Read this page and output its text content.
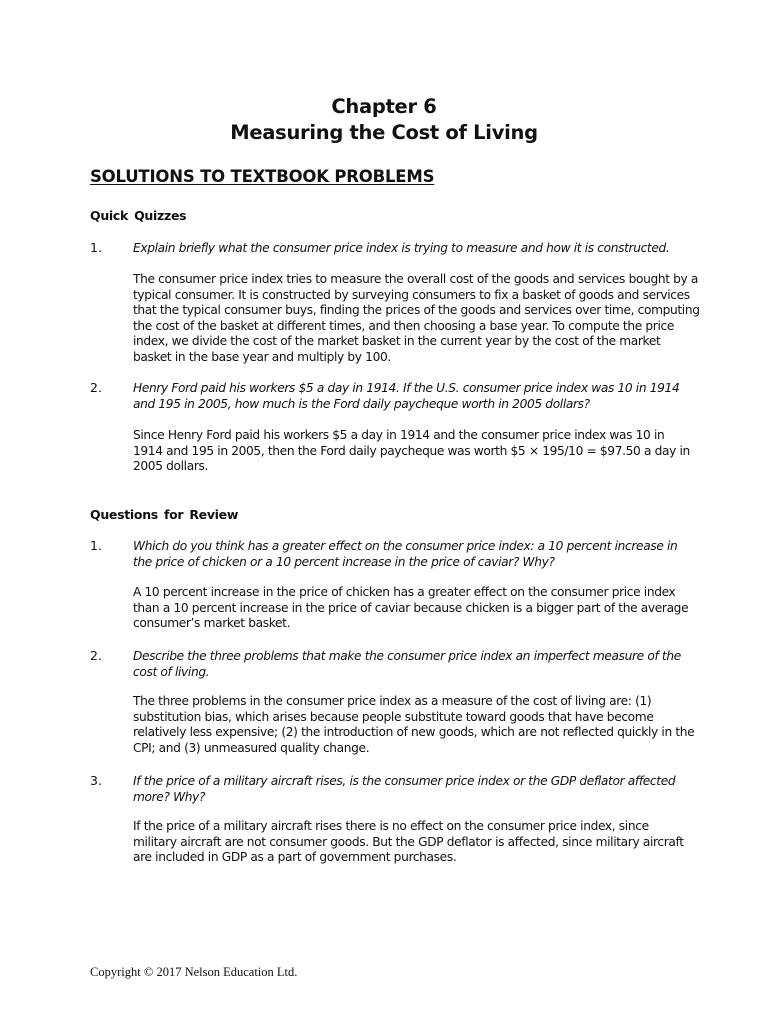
Chapter 6
Measuring the Cost of Living
SOLUTIONS TO TEXTBOOK PROBLEMS
Quick Quizzes
1.	Explain briefly what the consumer price index is trying to measure and how it is constructed.
The consumer price index tries to measure the overall cost of the goods and services bought by a
typical consumer. It is constructed by surveying consumers to fix a basket of goods and services
that the typical consumer buys, finding the prices of the goods and services over time, computing
the cost of the basket at different times, and then choosing a base year. To compute the price
index, we divide the cost of the market basket in the current year by the cost of the market
basket in the base year and multiply by 100.
2.	Henry Ford paid his workers $5 a day in 1914. If the U.S. consumer price index was 10 in 1914
and 195 in 2005, how much is the Ford daily paycheque worth in 2005 dollars?
Since Henry Ford paid his workers $5 a day in 1914 and the consumer price index was 10 in
1914 and 195 in 2005, then the Ford daily paycheque was worth $5 × 195/10 = $97.50 a day in
2005 dollars.
Questions for Review
1.	Which do you think has a greater effect on the consumer price index: a 10 percent increase in
the price of chicken or a 10 percent increase in the price of caviar? Why?
A 10 percent increase in the price of chicken has a greater effect on the consumer price index
than a 10 percent increase in the price of caviar because chicken is a bigger part of the average
consumer’s market basket.
2.	Describe the three problems that make the consumer price index an imperfect measure of the
cost of living.
The three problems in the consumer price index as a measure of the cost of living are: (1)
substitution bias, which arises because people substitute toward goods that have become
relatively less expensive; (2) the introduction of new goods, which are not reflected quickly in the
CPI; and (3) unmeasured quality change.
3.	If the price of a military aircraft rises, is the consumer price index or the GDP deflator affected
more? Why?
If the price of a military aircraft rises there is no effect on the consumer price index, since
military aircraft are not consumer goods. But the GDP deflator is affected, since military aircraft
are included in GDP as a part of government purchases.
Copyright © 2017 Nelson Education Ltd.
